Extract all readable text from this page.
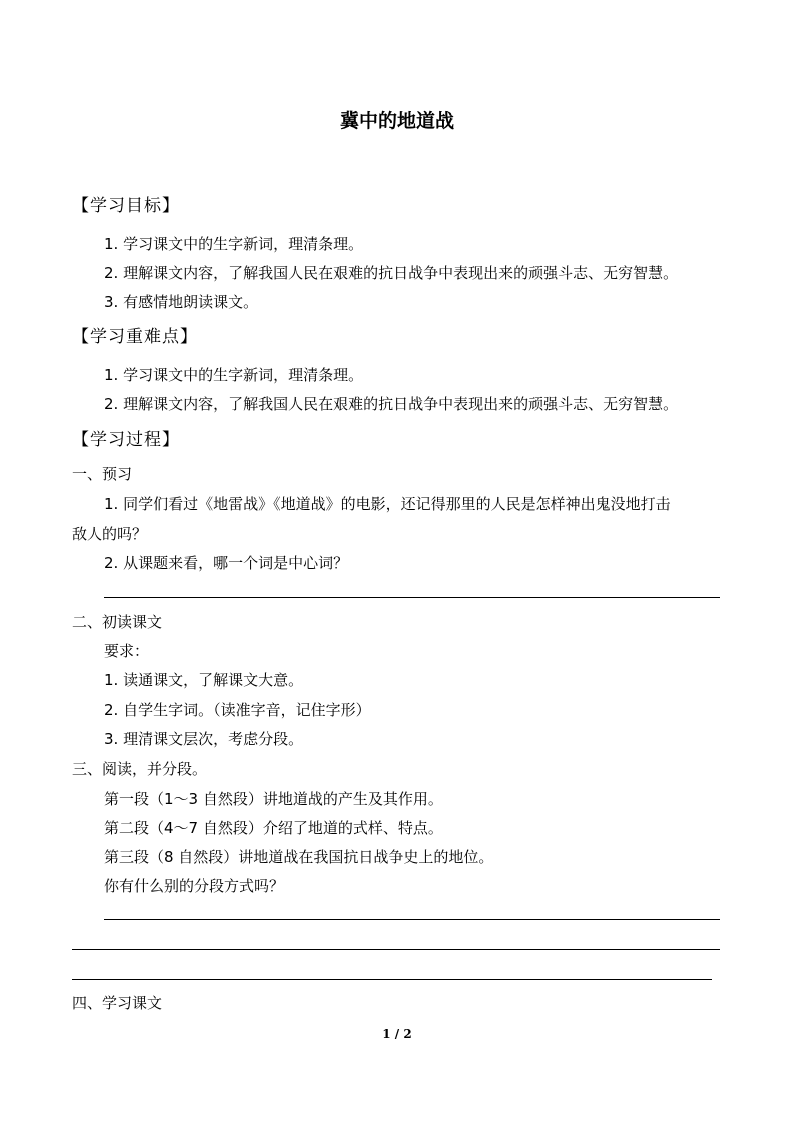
冀中的地道战
【学习目标】
1. 学习课文中的生字新词，理清条理。
2. 理解课文内容，了解我国人民在艰难的抗日战争中表现出来的顽强斗志、无穷智慧。
3. 有感情地朗读课文。
【学习重难点】
1. 学习课文中的生字新词，理清条理。
2. 理解课文内容，了解我国人民在艰难的抗日战争中表现出来的顽强斗志、无穷智慧。
【学习过程】
一、预习
1. 同学们看过《地雷战》《地道战》的电影，还记得那里的人民是怎样神出鬼没地打击
敌人的吗？
2. 从课题来看，哪一个词是中心词？
二、初读课文
要求：
1. 读通课文，了解课文大意。
2. 自学生字词。（读准字音，记住字形）
3. 理清课文层次，考虑分段。
三、阅读，并分段。
第一段（1～3 自然段）讲地道战的产生及其作用。
第二段（4～7 自然段）介绍了地道的式样、特点。
第三段（8 自然段）讲地道战在我国抗日战争史上的地位。
你有什么别的分段方式吗？
四、学习课文
1 / 2
